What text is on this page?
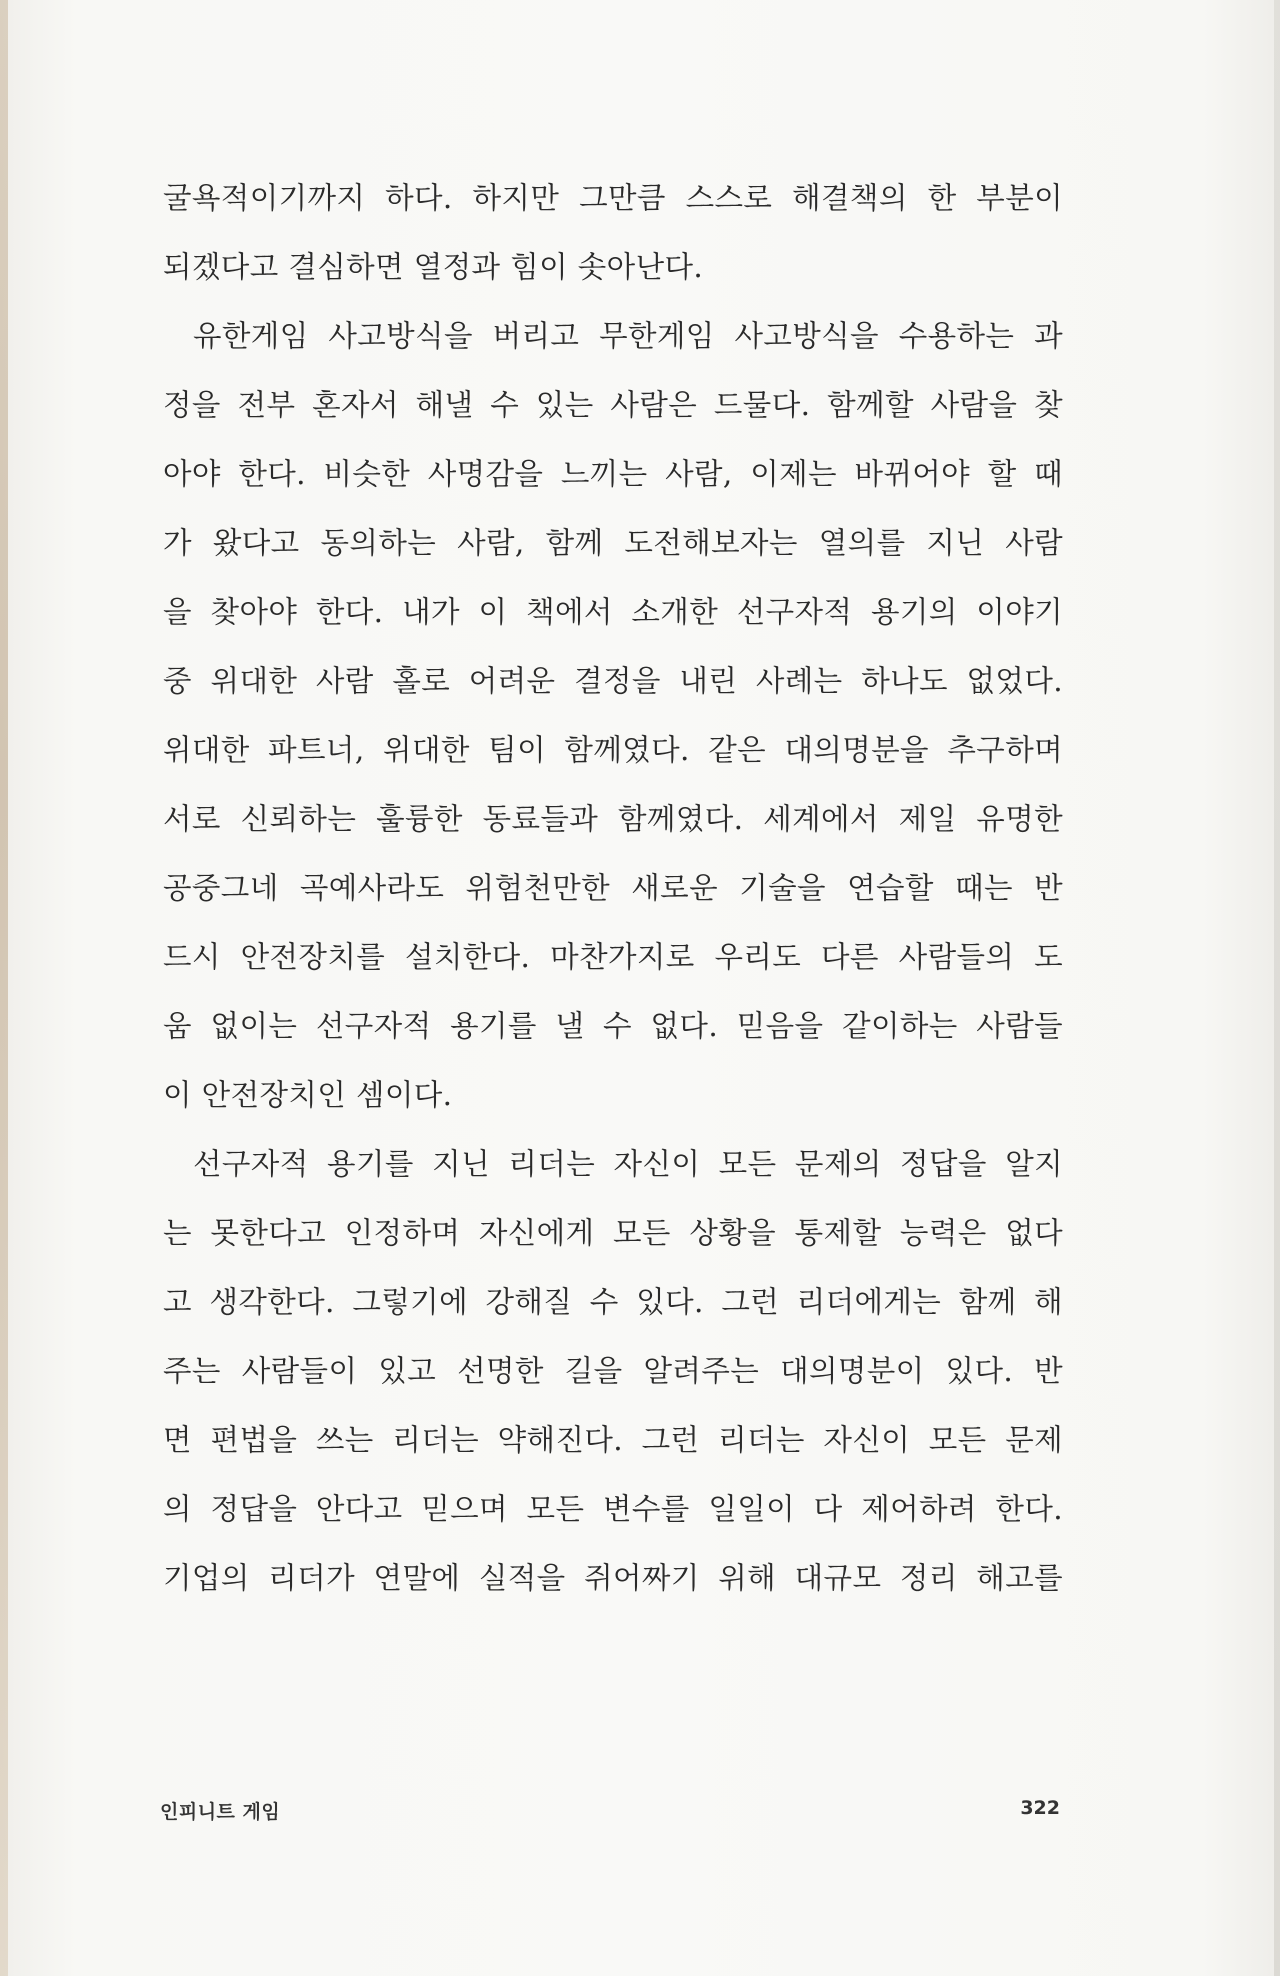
굴욕적이기까지 하다. 하지만 그만큼 스스로 해결책의 한 부분이
되겠다고 결심하면 열정과 힘이 솟아난다.
유한게임 사고방식을 버리고 무한게임 사고방식을 수용하는 과
정을 전부 혼자서 해낼 수 있는 사람은 드물다. 함께할 사람을 찾
아야 한다. 비슷한 사명감을 느끼는 사람, 이제는 바뀌어야 할 때
가 왔다고 동의하는 사람, 함께 도전해보자는 열의를 지닌 사람
을 찾아야 한다. 내가 이 책에서 소개한 선구자적 용기의 이야기
중 위대한 사람 홀로 어려운 결정을 내린 사례는 하나도 없었다.
위대한 파트너, 위대한 팀이 함께였다. 같은 대의명분을 추구하며
서로 신뢰하는 훌륭한 동료들과 함께였다. 세계에서 제일 유명한
공중그네 곡예사라도 위험천만한 새로운 기술을 연습할 때는 반
드시 안전장치를 설치한다. 마찬가지로 우리도 다른 사람들의 도
움 없이는 선구자적 용기를 낼 수 없다. 믿음을 같이하는 사람들
이 안전장치인 셈이다.
선구자적 용기를 지닌 리더는 자신이 모든 문제의 정답을 알지
는 못한다고 인정하며 자신에게 모든 상황을 통제할 능력은 없다
고 생각한다. 그렇기에 강해질 수 있다. 그런 리더에게는 함께 해
주는 사람들이 있고 선명한 길을 알려주는 대의명분이 있다. 반
면 편법을 쓰는 리더는 약해진다. 그런 리더는 자신이 모든 문제
의 정답을 안다고 믿으며 모든 변수를 일일이 다 제어하려 한다.
기업의 리더가 연말에 실적을 쥐어짜기 위해 대규모 정리 해고를
인피니트 게임	322
